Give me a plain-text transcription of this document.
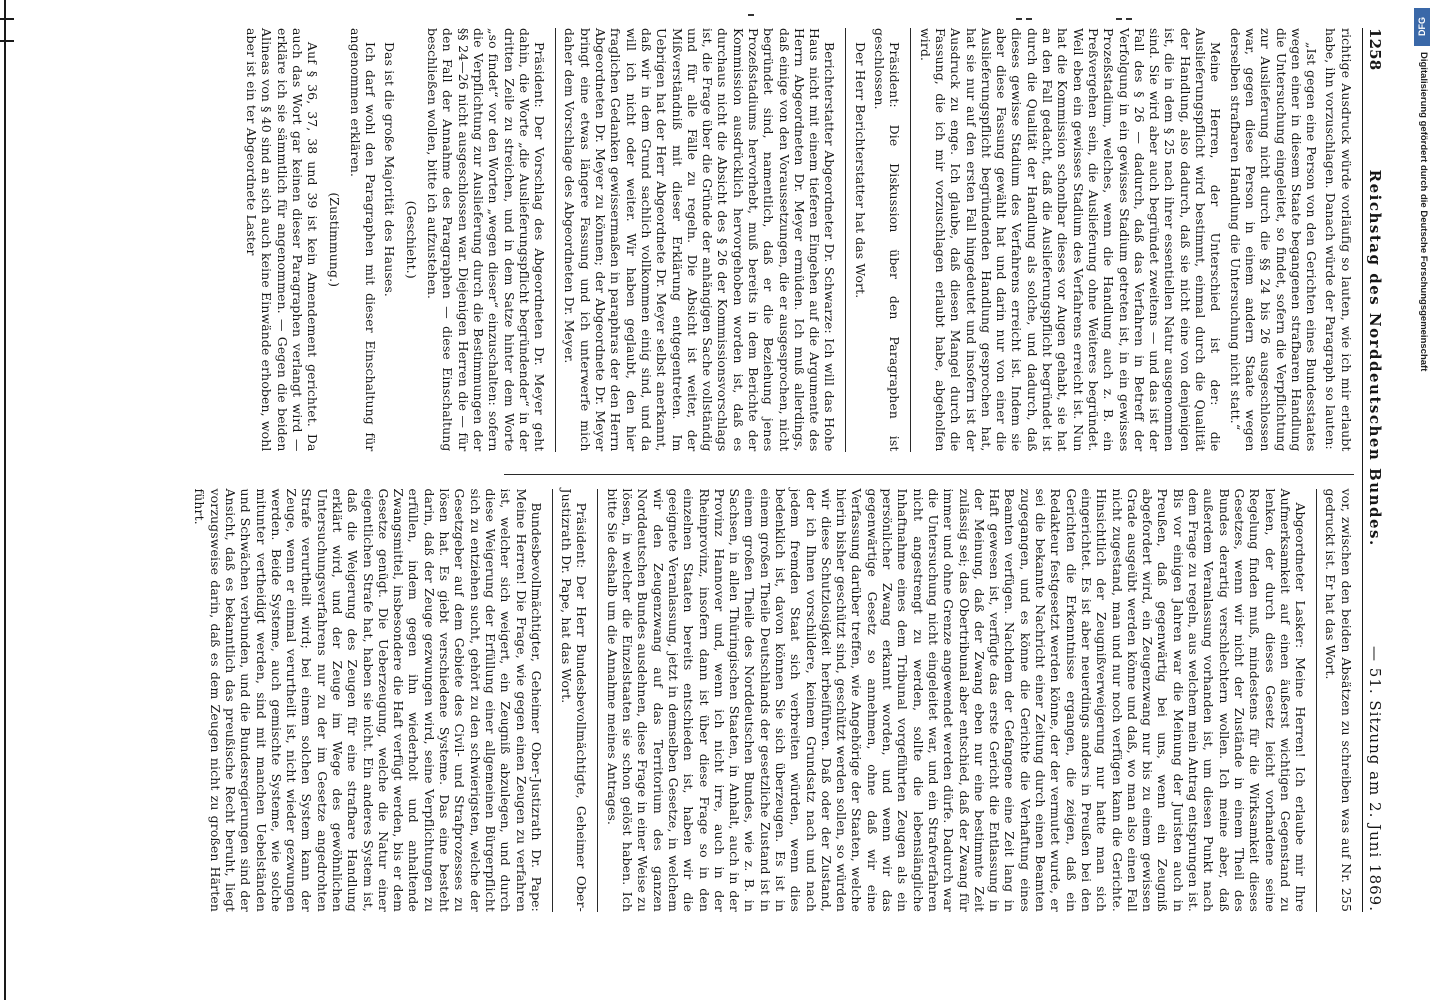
1258
Reichstag des Norddeutschen Bundes.
— 51. Sitzung am 2. Juni 1869.

richtige Ausdruck würde vorläufig so lauten, wie ich mir erlaubt habe, ihn vorzuschlagen. Danach würde der Paragraph so lauten:

„Ist gegen eine Person von den Gerichten eines Bundesstaates wegen einer in diesem Staate begangenen strafbaren Handlung die Untersuchung eingeleitet, so findet, sofern die Verpflichtung zur Auslieferung nicht durch die §§ 24 bis 26 ausgeschlossen war, gegen diese Person in einem andern Staate wegen derselben strafbaren Handlung die Untersuchung nicht statt.“

Meine Herren, der Unterschied ist der: die Auslieferungspflicht wird bestimmt, einmal durch die Qualität der Handlung, also dadurch, daß sie nicht eine von denjenigen ist, die in dem § 25 nach ihrer essentiellen Natur ausgenommen sind. Sie wird aber auch begründet zweitens — und das ist der Fall des § 26 — dadurch, daß das Verfahren in Betreff der Verfolgung in ein gewisses Stadium getreten ist, in ein gewisses Prozeßstadium, welches, wenn die Handlung auch z. B. ein Preßvergehen sein, die Auslieferung ohne Weiteres begründet. Weil eben ein gewisses Stadium des Verfahrens erreicht ist. Nun hat die Kommission schonlbar dieses vor Augen gehabt, sie hat an den Fall gedacht, daß die Auslieferungspflicht begründet ist durch die Qualität der Handlung als solche, und dadurch, daß dieses gewisse Stadium des Verfahrens erreicht ist. Indem sie aber diese Fassung gewählt hat und darin nur von einer die Auslieferungspflicht begründenden Handlung gesprochen hat, hat sie nur auf den ersten Fall hingedeutet und insofern ist der Ausdruck zu enge. Ich glaube, daß diesen Mangel durch die Fassung, die ich mir vorzuschlagen erlaubt habe, abgeholfen wird.

Präsident: Die Diskussion über den Paragraphen ist geschlossen.

Der Herr Berichterstatter hat das Wort.

Berichterstatter Abgeordneter Dr. Schwarze: Ich will das Hohe Haus nicht mit einem tieferen Eingehen auf die Argumente des Herrn Abgeordneten Dr. Meyer ermüden. Ich muß allerdings, daß einige von den Voraussetzungen, die er ausgesprochen, nicht begründet sind, namentlich, daß er die Beziehung jenes Prozeßstadiums hervorhebt, muß bereits in dem Berichte der Kommission ausdrücklich hervorgehoben worden ist, daß es durchaus nicht die Absicht des § 26 der Kommissionsvorschlags ist, die Frage über die Gründe der anhängigen Sache vollständig und für alle Fälle zu regeln. Die Absicht ist weiter, der Mißverständniß mit dieser Erklärung entgegentreten. Im Uebrigen hat der Herr Abgeordnete Dr. Meyer selbst anerkannt, daß wir in dem Grund sachlich vollkommen einig sind, und da will ich nicht oder weiter. Wir haben geglaubt, den hier fraglichen Gedanken gewissermaßen in paraphras der den Herrn Abgeordneten Dr. Meyer zu können; der Abgeordnete Dr. Meyer bringt eine etwas längere Fassung und ich unterwerfe mich daher dem Vorschlage des Abgeordneten Dr. Meyer.

Präsident: Der Vorschlag des Abgeordneten Dr. Meyer geht dahin, die Worte „die Auslieferungspflicht begründender“ in der dritten Zeile zu streichen, und in dem Satze hinter dem Worte „so findet“ vor den Worten „wegen dieser“ einzuschalten: sofern die Verpflichtung zur Auslieferung durch die Bestimmungen der §§ 24—26 nicht ausgeschlossen war. Diejenigen Herren die — für den Fall der Annahme des Paragraphen — diese Einschaltung beschließen wollen, bitte ich aufzustehen.

(Geschieht.)

Das ist die große Majorität des Hauses.

Ich darf wohl den Paragraphen mit dieser Einschaltung für angenommen erklären.

(Zustimmung.)

Auf § 36, 37, 38 und 39 ist kein Amendement gerichtet. Da auch das Wort gar keinen dieser Paragraphen verlangt wird — erkläre ich sie sämmtlich für angenommen. — Gegen die beiden Alineas von § 40 sind an sich auch keine Einwände erhoben, wohl aber ist ein ter Abgeordnete Laster

vor, zwischen den beiden Absätzen zu schreiben was auf Nr. 255 gedruckt ist. Er hat das Wort.

Abgeordneter Lasker: Meine Herren! Ich erlaube mir Ihre Aufmerksamkeit auf einen äußerst wichtigen Gegenstand zu lenken, der durch dieses Gesetz leicht vorhandene seine Regelung finden muß, mindestens für die Wirksamkeit dieses Gesetzes, wenn wir nicht der Zustände in einem Theil des Bundes derartig verschlechtern wollen. Ich meine aber, daß außerdem Veranlassung vorhanden ist, um diesen Punkt nach dem Frage zu regeln, aus welchem mein Antrag entsprungen ist. Bis vor einigen Jahren war die Meinung der Juristen auch in Preußen, daß gegenwärtig bei uns, wenn ein Zeugniß abgefordert wird, ein Zeugenzwang nur bis zu einem gewissen Grade ausgeübt werden könne und daß, wo man also einen Fall nicht zugestand, man und nur noch verfügen kann die Gerichte. Hinsichtlich der Zeugnißverweigerung nur hatte man sich eingerichtet. Es ist aber neuerdings anders in Preußen bei den Gerichten die Erkenntnisse ergangen, die zeigen, daß ein Redakteur festgesetzt werden könne, der der vermutet wurde, er sei die bekannte Nachricht einer Zeitung durch einen Beamten zugegangen, und es könne die Gerichte die Verhaftung eines Beamten verfügen. Nachdem der Gefangene eine Zeit lang in Haft gewesen ist, verfügte das erste Gericht die Entlassung in der Meinung, daß der Zwang eben nur eine bestimmte Zeit zulässig sei; das Obertribunal aber entschied, daß der Zwang für immer und ohne Grenze angewendet werden dürfe. Dadurch war die Untersuchung nicht eingeleitet war, und ein Strafverfahren nicht angestrengt zu werden, sollte die lebenslängliche Inhaftnahme eines dem Tribunal vorgeführten Zeugen als ein persönlicher Zwang erkannt worden, und wenn wir das gegenwärtige Gesetz so annehmen, ohne daß wir eine Verfassung darüber treffen, wie Angehörige der Staaten, welche hierin bisher geschützt sind, geschützt werden sollen, so würden wir diese Schutzlosigkeit herbeiführen. Daß oder der Zustand, der ich Ihnen vorschildere, keinem Grundsatz nach und nach jedem fremden Staat sich verbreiten würden, wenn dies bedenklich ist, davon können Sie sich überzeugen. Es ist in einem großen Theile Deutschlands der gesetzliche Zustand ist in einem großen Theile des Norddeutschen Bundes, wie z. B. in Sachsen, in allen Thüringischen Staaten, in Anhalt, auch in der Provinz Hannover und, wenn ich nicht irre, auch in der Rheinprovinz, insofern dann ist über diese Frage so in den einzelnen Staaten bereits entschieden ist, haben wir die geeignete Veranlassung, jetzt in demselben Gesetze, in welchem wir den Zeugenzwang auf das Territorium des ganzen Norddeutschen Bundes ausdehnen, diese Frage in einer Weise zu lösen, in welcher die Einzelstaaten sie schon gelöst haben. Ich bitte Sie deshalb um die Annahme meines Antrages.

Präsident: Der Herr Bundesbevollmächtigte, Geheimer Ober-Justizrath Dr. Pape, hat das Wort.

Bundesbevollmächtigter, Geheimer Ober-Justizrath Dr. Pape: Meine Herren! Die Frage, wie gegen einen Zeugen zu verfahren ist, welcher sich weigert, ein Zeugniß abzulegen, und durch diese Weigerung der Erfüllung einer allgemeinen Bürgerpflicht sich zu entziehen sucht, gehört zu den schwierigsten, welche der Gesetzgeber auf dem Gebiete des Civil- und Strafprozesses zu lösen hat. Es giebt verschiedene Systeme. Das eine besteht darin, daß der Zeuge gezwungen wird, seine Verpflichtungen zu erfüllen, indem gegen ihn wiederholt und anhaltende Zwangsmittel, insbesondere die Haft verfügt werden, bis er dem Gesetze genügt. Die Ueberzeugung, welche die Natur einer eigentlichen Strafe hat, haben sie nicht. Ein anderes System ist, daß die Weigerung des Zeugen für eine strafbare Handlung erklärt wird, und der Zeuge im Wege des gewöhnlichen Untersuchungsverfahrens nur zu der im Gesetze angedrohten Strafe verurtheilt wird; bei einem solchen System kann der Zeuge, wenn er einmal verurtheilt ist, nicht wieder gezwungen werden. Beide Systeme, auch gemischte Systeme, wie solche mitunter vertheidigt werden, sind mit manchen Uebelständen und Schwächen verbunden, und die Bundesregierungen sind der Ansicht, daß es bekanntlich das preußische Recht beruht, liegt vorzugsweise darin, daß es dem Zeugen nicht zu großen Härten führt.

DFG
Digitalisierung gefördert durch die Deutsche Forschungsgemeinschaft
